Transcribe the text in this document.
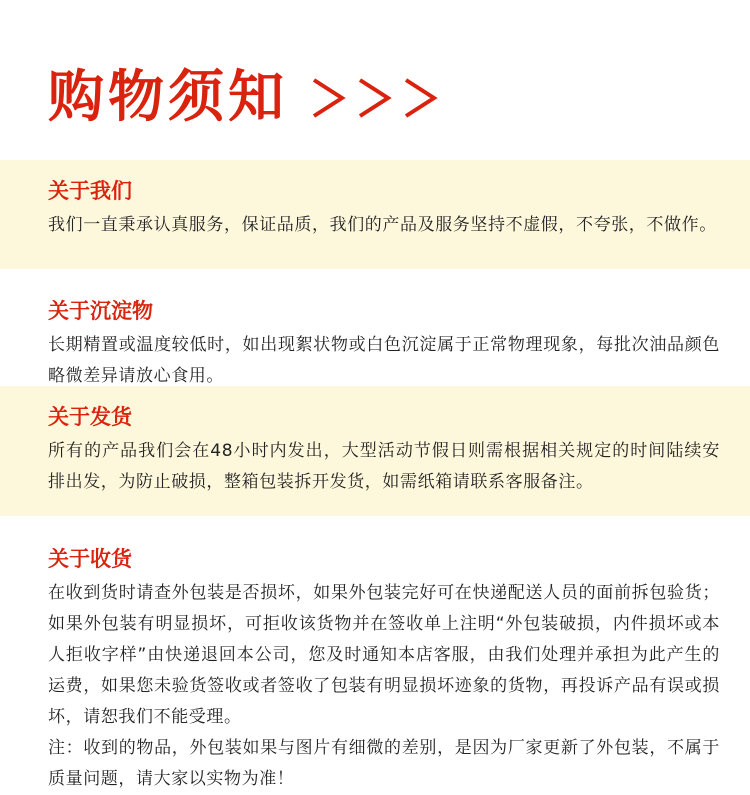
购物须知
关于我们

我们一直秉承认真服务，保证品质，我们的产品及服务坚持不虚假，不夸张，不做作。

关于沉淀物

长期精置或温度较低时，如出现絮状物或白色沉淀属于正常物理现象，每批次油品颜色略微差异请放心食用。

关于发货

所有的产品我们会在48小时内发出，大型活动节假日则需根据相关规定的时间陆续安排出发，为防止破损，整箱包装拆开发货，如需纸箱请联系客服备注。

关于收货

在收到货时请查外包装是否损坏，如果外包装完好可在快递配送人员的面前拆包验货；如果外包装有明显损坏，可拒收该货物并在签收单上注明“外包装破损，内件损坏或本人拒收字样”由快递退回本公司，您及时通知本店客服，由我们处理并承担为此产生的运费，如果您未验货签收或者签收了包装有明显损坏迹象的货物，再投诉产品有误或损坏，请恕我们不能受理。

注：收到的物品，外包装如果与图片有细微的差别，是因为厂家更新了外包装，不属于质量问题，请大家以实物为准！
